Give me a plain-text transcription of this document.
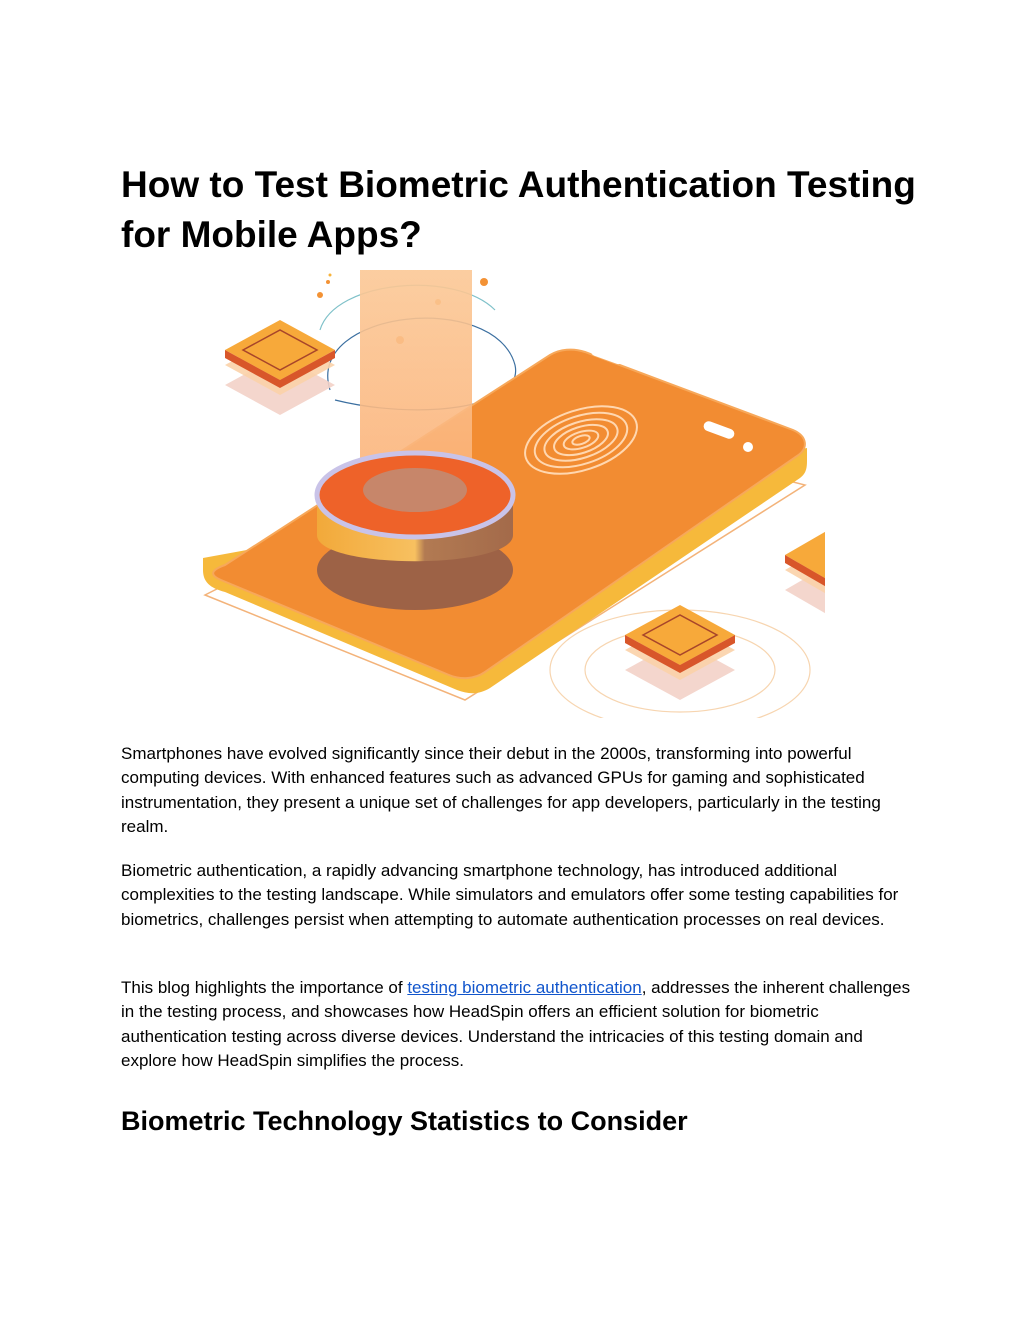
How to Test Biometric Authentication Testing for Mobile Apps?

Smartphones have evolved significantly since their debut in the 2000s, transforming into powerful computing devices. With enhanced features such as advanced GPUs for gaming and sophisticated instrumentation, they present a unique set of challenges for app developers, particularly in the testing realm.

Biometric authentication, a rapidly advancing smartphone technology, has introduced additional complexities to the testing landscape. While simulators and emulators offer some testing capabilities for biometrics, challenges persist when attempting to automate authentication processes on real devices.

This blog highlights the importance of testing biometric authentication, addresses the inherent challenges in the testing process, and showcases how HeadSpin offers an efficient solution for biometric authentication testing across diverse devices. Understand the intricacies of this testing domain and explore how HeadSpin simplifies the process.

Biometric Technology Statistics to Consider
